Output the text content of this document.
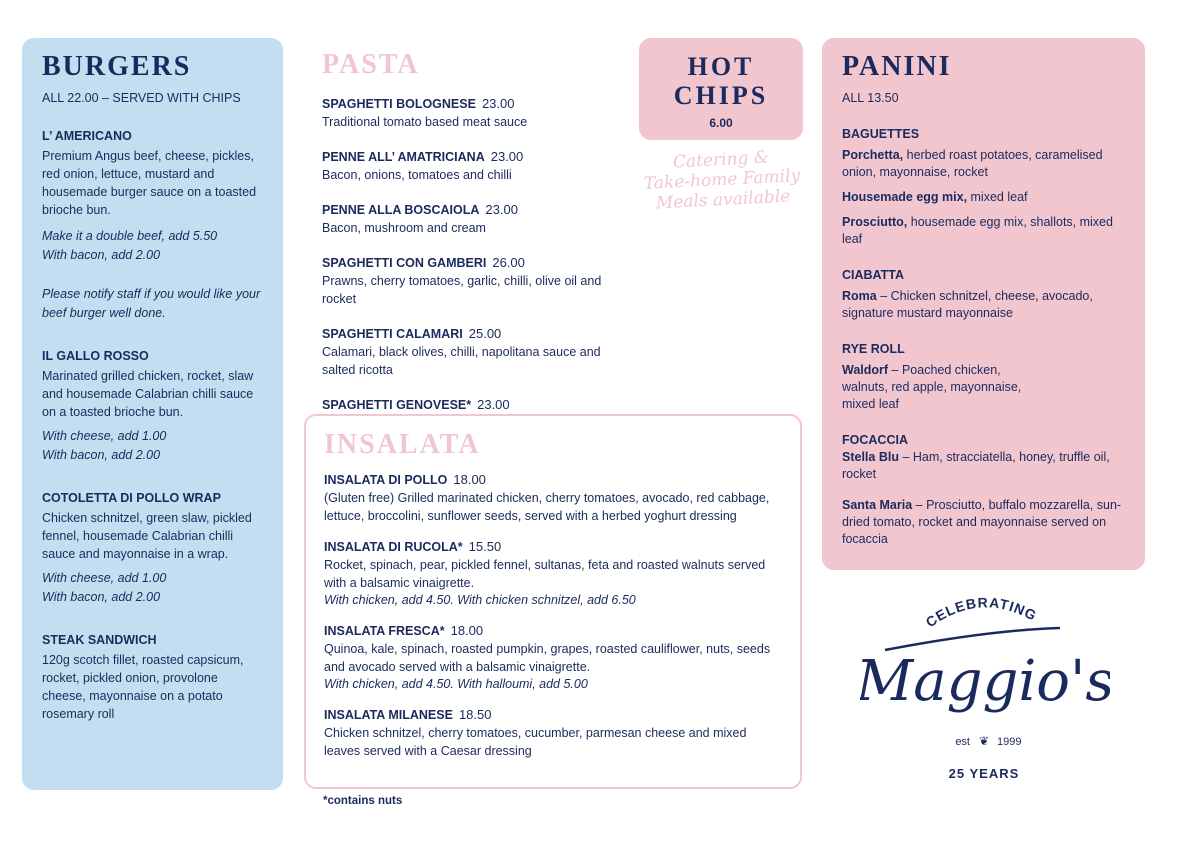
BURGERS
ALL 22.00 – SERVED WITH CHIPS
L’ AMERICANO
Premium Angus beef, cheese, pickles, red onion, lettuce, mustard and housemade burger sauce on a toasted brioche bun.
Make it a double beef, add 5.50
With bacon, add 2.00
Please notify staff if you would like your beef burger well done.
IL GALLO ROSSO
Marinated grilled chicken, rocket, slaw and housemade Calabrian chilli sauce on a toasted brioche bun.
With cheese, add 1.00
With bacon, add 2.00
COTOLETTA DI POLLO WRAP
Chicken schnitzel, green slaw, pickled fennel, housemade Calabrian chilli sauce and mayonnaise in a wrap.
With cheese, add 1.00
With bacon, add 2.00
STEAK SANDWICH
120g scotch fillet, roasted capsicum, rocket, pickled onion, provolone cheese, mayonnaise on a potato rosemary roll
PASTA
SPAGHETTI BOLOGNESE 23.00
Traditional tomato based meat sauce
PENNE ALL’ AMATRICIANA 23.00
Bacon, onions, tomatoes and chilli
PENNE ALLA BOSCAIOLA 23.00
Bacon, mushroom and cream
SPAGHETTI CON GAMBERI 26.00
Prawns, cherry tomatoes, garlic, chilli, olive oil and rocket
SPAGHETTI CALAMARI 25.00
Calamari, black olives, chilli, napolitana sauce and salted ricotta
SPAGHETTI GENOVESE* 23.00
HOT
CHIPS
6.00
Catering &
Take-home Family
Meals available
INSALATA
INSALATA DI POLLO 18.00
(Gluten free) Grilled marinated chicken, cherry tomatoes, avocado, red cabbage, lettuce, broccolini, sunflower seeds, served with a herbed yoghurt dressing
INSALATA DI RUCOLA* 15.50
Rocket, spinach, pear, pickled fennel, sultanas, feta and roasted walnuts served with a balsamic vinaigrette.
With chicken, add 4.50. With chicken schnitzel, add 6.50
INSALATA FRESCA* 18.00
Quinoa, kale, spinach, roasted pumpkin, grapes, roasted cauliflower, nuts, seeds and avocado served with a balsamic vinaigrette.
With chicken, add 4.50. With halloumi, add 5.00
INSALATA MILANESE 18.50
Chicken schnitzel, cherry tomatoes, cucumber, parmesan cheese and mixed leaves served with a Caesar dressing
*contains nuts
PANINI
ALL 13.50
BAGUETTES
Porchetta, herbed roast potatoes, caramelised onion, mayonnaise, rocket
Housemade egg mix, mixed leaf
Prosciutto, housemade egg mix, shallots, mixed leaf
CIABATTA
Roma – Chicken schnitzel, cheese, avocado, signature mustard mayonnaise
RYE ROLL
Waldorf – Poached chicken, walnuts, red apple, mayonnaise, mixed leaf
FOCACCIA
Stella Blu – Ham, stracciatella, honey, truffle oil, rocket
Santa Maria – Prosciutto, buffalo mozzarella, sun-dried tomato, rocket and mayonnaise served on focaccia
CELEBRATING
Maggio's
est ❦ 1999
25 YEARS
